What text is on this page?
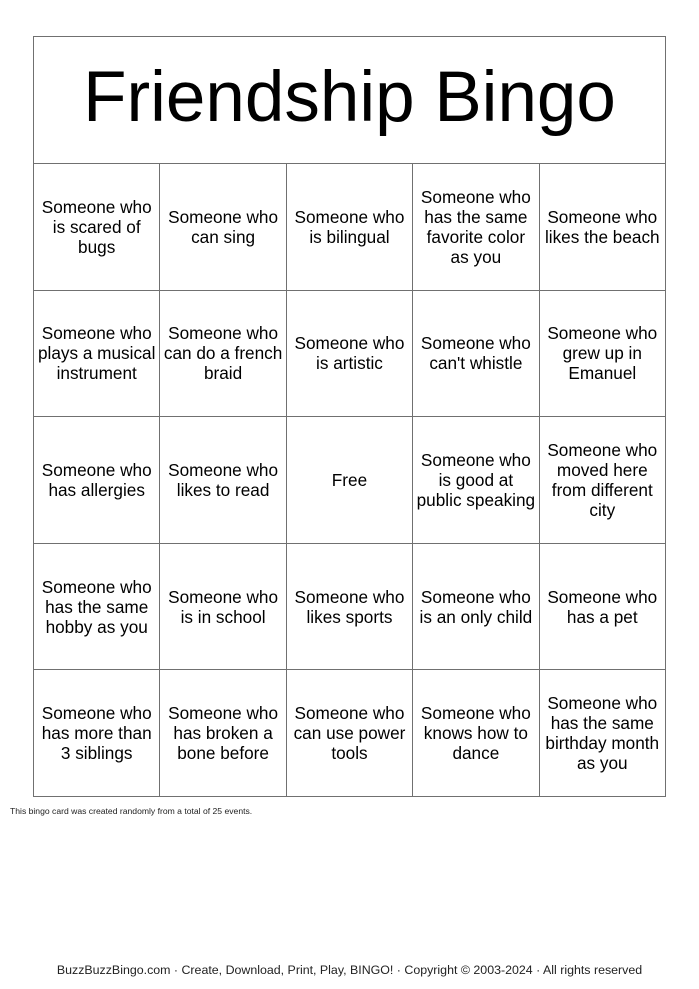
Friendship Bingo				
Someone who is scared of bugs	Someone who can sing	Someone who is bilingual	Someone who has the same favorite color as you	Someone who likes the beach
Someone who plays a musical instrument	Someone who can do a french braid	Someone who is artistic	Someone who can't whistle	Someone who grew up in Emanuel
Someone who has allergies	Someone who likes to read	Free	Someone who is good at public speaking	Someone who moved here from different city
Someone who has the same hobby as you	Someone who is in school	Someone who likes sports	Someone who is an only child	Someone who has a pet
Someone who has more than 3 siblings	Someone who has broken a bone before	Someone who can use power tools	Someone who knows how to dance	Someone who has the same birthday month as you
This bingo card was created randomly from a total of 25 events.
BuzzBuzzBingo.com · Create, Download, Print, Play, BINGO! · Copyright © 2003-2024 · All rights reserved
